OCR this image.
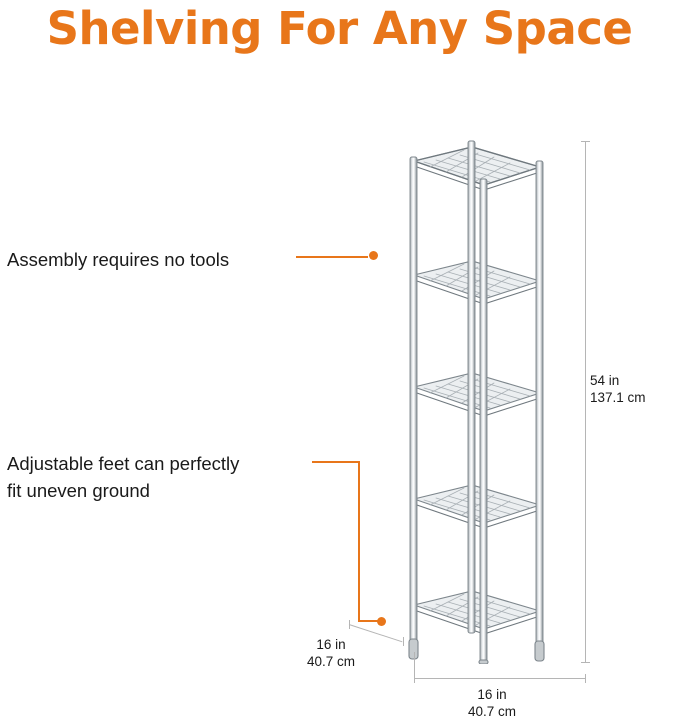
Shelving For Any Space
Assembly requires no tools
Adjustable feet can perfectly
fit uneven ground
54 in
137.1 cm
16 in
40.7 cm
16 in
40.7 cm
